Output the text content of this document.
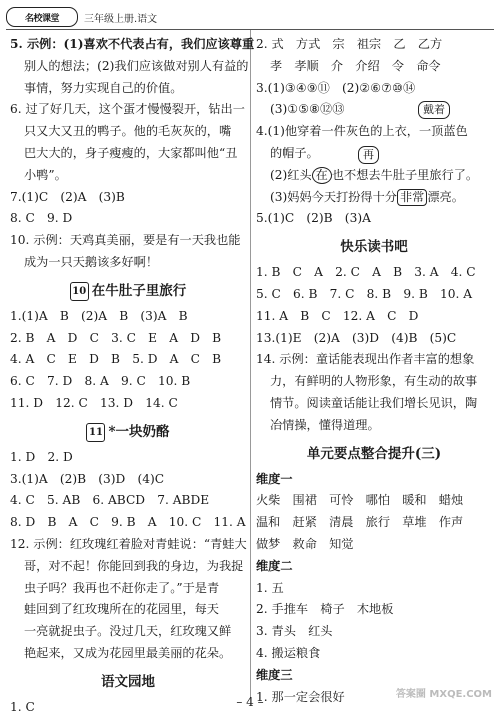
名校课堂	三年级上册.语文
5. 示例：(1)喜欢不代表占有，我们应该尊重
别人的想法；(2)我们应该做对别人有益的
事情，努力实现自己的价值。
6. 过了好几天，这个蛋才慢慢裂开，钻出一
只又大又丑的鸭子。他的毛灰灰的，嘴
巴大大的，身子瘦瘦的，大家都叫他“丑
小鸭”。
7.(1)C　(2)A　(3)B
8. C　9. D
10. 示例：天鸡真美丽，要是有一天我也能
成为一只天鹅该多好啊！
10 在牛肚子里旅行
1.(1)A　B　(2)A　B　(3)A　B
2. B　A　D　C　3. C　E　A　D　B
4. A　C　E　D　B　5. D　A　C　B
6. C　7. D　8. A　9. C　10. B
11. D　12. C　13. D　14. C
11 *一块奶酪
1. D　2. D
3.(1)A　(2)B　(3)D　(4)C
4. C　5. AB　6. ABCD　7. ABDE
8. D　B　A　C　9. B　A　10. C　11. A
12. 示例：红玫瑰红着脸对青蛙说：“青蛙大
哥，对不起！你能回到我的身边，为我捉
虫子吗？我再也不赶你走了。”于是青
蛙回到了红玫瑰所在的花园里，每天
一亮就捉虫子。没过几天，红玫瑰又鲜
艳起来，又成为花园里最美丽的花朵。
语文园地
1. C
2. 式　方式　宗　祖宗　乙　乙方
孝　孝顺　介　介绍　令　命令
3.(1)③④⑨⑪　(2)②⑥⑦⑩⑭
(3)①⑤⑧⑫⑬
4.(1)他穿着一件灰色的上衣，一顶蓝色
的帽子。
(2)红头 在 也不想去牛肚子里旅行了。
(3)妈妈今天打扮得十分 非常 漂亮。
5.(1)C　(2)B　(3)A
快乐读书吧
1. B　C　A　2. C　A　B　3. A　4. C
5. C　6. B　7. C　8. B　9. B　10. A
11. A　B　C　12. A　C　D
13.(1)E　(2)A　(3)D　(4)B　(5)C
14. 示例：童话能表现出作者丰富的想象
力，有鲜明的人物形象，有生动的故事
情节。阅读童话能让我们增长见识，陶
冶情操，懂得道理。
单元要点整合提升(三)
维度一
火柴　围裙　可怜　哪怕　暖和　蜡烛
温和　赶紧　清晨　旅行　草堆　作声
做梦　救命　知觉
维度二
1. 五
2. 手推车　椅子　木地板
3. 青头　红头
4. 搬运粮食
维度三
1. 那一定会很好
戴着
再
– 4 –
答案圈 MXQE.COM
